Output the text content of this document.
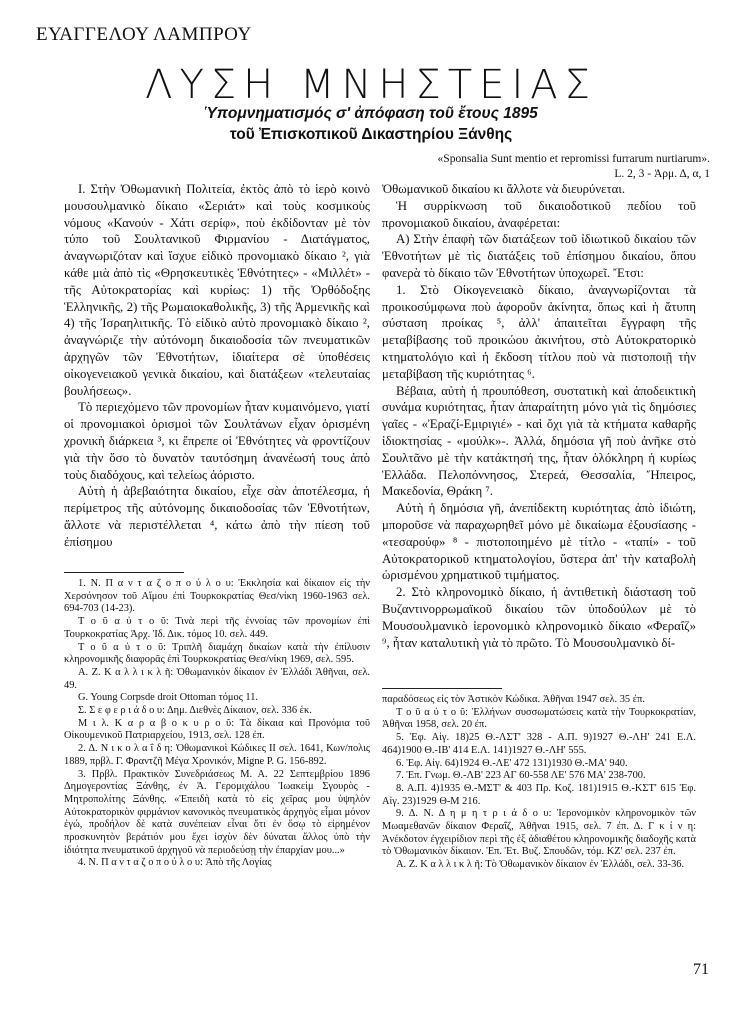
ΕΥΑΓΓΕΛΟΥ ΛΑΜΠΡΟΥ
ΛΥΣΗ ΜΝΗΣΤΕΙΑΣ
Ὑπομνηματισμός σ' ἀπόφαση τοῦ ἔτους 1895
τοῦ Ἐπισκοπικοῦ Δικαστηρίου Ξάνθης
«Sponsalia Sunt mentio et repromissi furrarum nurtiarum».
L. 2, 3 - Ἁρμ. Δ, α, 1

Ι. Στὴν Ὀθωμανικὴ Πολιτεία, ἐκτὸς ἀπὸ τὸ ἱερὸ κοινὸ μουσουλμανικὸ δίκαιο «Σεριάτ» καὶ τοὺς κοσμικοὺς νόμους «Κανούν - Χάτι σερίφ», ποὺ ἐκδίδονταν μὲ τὸν τύπο τοῦ Σουλτανικοῦ Φιρμανίου - Διατάγματος, ἀναγνωριζόταν καὶ ἴσχυε εἰδικὸ προνομιακὸ δίκαιο ², γιὰ κάθε μιὰ ἀπὸ τὶς «Θρησκευτικὲς Ἐθνότητες» - «Μιλλέτ» - τῆς Αὐτοκρατορίας καὶ κυρίως: 1) τῆς Ὀρθόδοξης Ἑλληνικῆς, 2) τῆς Ρωμαιοκαθολικῆς, 3) τῆς Ἀρμενικῆς καὶ 4) τῆς Ἰσραηλιτικῆς. Τὸ εἰδικὸ αὐτὸ προνομιακὸ δίκαιο ², ἀναγνώριζε τὴν αὐτόνομη δικαιοδοσία τῶν πνευματικῶν ἀρχηγῶν τῶν Ἐθνοτήτων, ἰδιαίτερα σὲ ὑποθέσεις οἰκογενειακοῦ γενικὰ δικαίου, καὶ διατάξεων «τελευταίας βουλήσεως».

Τὸ περιεχόμενο τῶν προνομίων ἦταν κυμαινόμενο, γιατί οἱ προνομιακοὶ ὁρισμοὶ τῶν Σουλτάνων εἶχαν ὁρισμένη χρονικὴ διάρκεια ³, κι ἔπρεπε οἱ Ἐθνότητες νὰ φροντίζουν γιὰ τὴν ὅσο τὸ δυνατὸν ταυτόσημη ἀνανέωσή τους ἀπὸ τοὺς διαδόχους, καὶ τελείως ἀόριστο.

Αὐτὴ ἡ ἀβεβαιότητα δικαίου, εἶχε σὰν ἀποτέλεσμα, ἡ περίμετρος τῆς αὐτόνομης δικαιοδοσίας τῶν Ἐθνοτήτων, ἄλλοτε νὰ περιστέλλεται ⁴, κάτω ἀπὸ τὴν πίεση τοῦ ἐπίσημου

Ὀθωμανικοῦ δικαίου κι ἄλλοτε νὰ διευρύνεται.

Ἡ συρρίκνωση τοῦ δικαιοδοτικοῦ πεδίου τοῦ προνομιακοῦ δικαίου, ἀναφέρεται:

Α) Στὴν ἐπαφὴ τῶν διατάξεων τοῦ ἰδιωτικοῦ δικαίου τῶν Ἐθνοτήτων μὲ τὶς διατάξεις τοῦ ἐπίσημου δικαίου, ὅπου φανερὰ τὸ δίκαιο τῶν Ἐθνοτήτων ὑποχωρεῖ. Ἔτσι:

1. Στὸ Οἰκογενειακὸ δίκαιο, ἀναγνωρίζονται τὰ προικοσύμφωνα ποὺ ἀφοροῦν ἀκίνητα, ὅπως καὶ ἡ ἄτυπη σύσταση προίκας ⁵, ἀλλ' ἀπαιτεῖται ἔγγραφη τῆς μεταβίβασης τοῦ προικώου ἀκινήτου, στὸ Αὐτοκρατορικὸ κτηματολόγιο καὶ ἡ ἔκδοση τίτλου ποὺ νὰ πιστοποιῇ τὴν μεταβίβαση τῆς κυριότητας ⁶.

Βέβαια, αὐτὴ ἡ προυπόθεση, συστατικὴ καὶ ἀποδεικτικὴ συνάμα κυριότητας, ἦταν ἀπαραίτητη μόνο γιὰ τὶς δημόσιες γαῖες - «Ἐραζί-Εμιριγιέ» - καὶ ὄχι γιὰ τὰ κτήματα καθαρῆς ἰδιοκτησίας - «μούλκ»-. Ἀλλά, δημόσια γῆ ποὺ ἀνῆκε στὸ Σουλτᾶνο μὲ τὴν κατάκτησή της, ἦταν ὁλόκληρη ἡ κυρίως Ἑλλάδα. Πελοπόννησος, Στερεά, Θεσσαλία, Ἤπειρος, Μακεδονία, Θράκη ⁷.

Αὐτὴ ἡ δημόσια γῆ, ἀνεπίδεκτη κυριότητας ἀπὸ ἰδιώτη, μποροῦσε νὰ παραχωρηθεῖ μόνο μὲ δικαίωμα ἐξουσίασης - «τεσαρούφ» ⁸ - πιστοποιημένο μὲ τίτλο - «ταπί» - τοῦ Αὐτοκρατορικοῦ κτηματολογίου, ὕστερα ἀπ' τὴν καταβολὴ ὡρισμένου χρηματικοῦ τιμήματος.

2. Στὸ κληρονομικὸ δίκαιο, ἡ ἀντιθετικὴ διάσταση τοῦ Βυζαντινορρωμαϊκοῦ δικαίου τῶν ὑποδούλων μὲ τὸ Μουσουλμανικὸ ἱερονομικὸ κληρονομικὸ δίκαιο «Φεραΐζ» ⁹, ἦταν καταλυτικὴ γιὰ τὸ πρῶτο. Τὸ Μουσουλμανικὸ δί-

1. Ν. Π α ν τ α ζ ο π ο ύ λ ο υ: Ἐκκλησία καὶ δίκαιον εἰς τὴν Χερσόνησον τοῦ Αἵμου ἐπὶ Τουρκοκρατίας Θεσ/νίκη 1960-1963 σελ. 694-703 (14-23).

Τ ο ῦ α ὐ τ ο ῦ: Τινὰ περὶ τῆς ἐννοίας τῶν προνομίων ἐπὶ Τουρκοκρατίας Ἀρχ. Ἰδ. Δικ. τόμος 10. σελ. 449.

Τ ο ῦ α ὐ τ ο ῦ: Τριπλῆ διαμάχη δικαίων κατὰ τὴν ἐπίλυσιν κληρονομικῆς διαφορᾶς ἐπὶ Τουρκοκρατίας Θεσ/νίκη 1969, σελ. 595.

Α. Ζ. Κ α λ λ ι κ λ ῆ: Ὀθωμανικὸν δίκαιον ἐν Ἑλλάδι Ἀθῆναι, σελ. 49.

G. Young Corpsde droit Ottoman τόμος 11.

Σ. Σ ε φ ε ρ ι ά δ ο υ: Δημ. Διεθνὲς Δίκαιον, σελ. 336 ἑκ.

Μ ι λ. Κ α ρ α β ο κ υ ρ ο ῦ: Τὰ δίκαια καὶ Προνόμια τοῦ Οἰκουμενικοῦ Πατριαρχείου, 1913, σελ. 128 ἐπ.

2. Δ. Ν ι κ ο λ α ΐ δ η: Ὀθωμανικοὶ Κώδικες ΙΙ σελ. 1641, Κων/πολις 1889, πρβλ. Γ. Φραντζῆ Μέγα Χρονικόν, Migne P. G. 156-892.

3. Πρβλ. Πρακτικὸν Συνεδριάσεως Μ. Α. 22 Σεπτεμβρίου 1896 Δημογεροντίας Ξάνθης, ἐν Ἀ. Γερομιχάλου Ἰωακεὶμ Σγουρὸς - Μητροπολίτης Ξάνθης. «Ἐπειδὴ κατὰ τὸ εἰς χεῖρας μου ὑψηλὸν Αὐτοκρατορικὸν φιρμάνιον κανονικὸς πνευματικὸς ἀρχηγὸς εἶμαι μόνον ἐγώ, προδήλον δὲ κατὰ συνέπειαν εἶναι ὅτι ἐν ὅσῳ τὸ εἰρημένον προσκυνητὸν βεράτιόν μου ἔχει ἰσχὺν δὲν δύναται ἄλλος ὑπὸ τὴν ἰδιότητα πνευματικοῦ ἀρχηγοῦ νὰ περιοδεύσῃ τὴν ἐπαρχίαν μου...»

4. Ν. Π α ν τ α ζ ο π ο ύ λ ο υ: Ἀπὸ τῆς Λογίας

παραδόσεως εἰς τὸν Ἀστικὸν Κώδικα. Ἀθῆναι 1947 σελ. 35 ἐπ.

Τ ο ῦ α ὐ τ ο ῦ: Ἑλλήνων συσσωματώσεις κατὰ τὴν Τουρκοκρατίαν, Ἀθῆναι 1958, σελ. 20 ἐπ.

5. Ἐφ. Αἰγ. 18)25 Θ.-ΛΣΤ' 328 - Α.Π. 9)1927 Θ.-ΛΗ' 241 Ε.Λ. 464)1900 Θ.-ΙΒ' 414 Ε.Λ. 141)1927 Θ.-ΛΗ' 555.

6. Ἐφ. Αἰγ. 64)1924 Θ.-ΛΕ' 472 131)1930 Θ.-ΜΑ' 940.

7. Ἐπ. Γνωμ. Θ.-ΛΒ' 223 ΑΓ 60-558 ΛΕ' 576 ΜΑ' 238-700.

8. Α.Π. 4)1935 Θ.-ΜΣΤ' & 403 Πρ. Κοζ. 181)1915 Θ.-ΚΣΤ' 615 Ἐφ. Αἰγ. 23)1929 Θ-Μ 216.

9. Δ. Ν. Δ η μ η τ ρ ι ά δ ο υ: Ἱερονομικὸν κληρονομικὸν τῶν Μωαμεθανῶν δίκαιον Φεραΐζ, Ἀθῆναι 1915, σελ. 7 ἐπ. Δ. Γ κ ί ν η: Ἀνέκδοτον ἐγχειρίδιον περὶ τῆς ἐξ ἀδιαθέτου κληρονομικῆς διαδοχῆς κατὰ τὸ Ὀθωμανικὸν δίκαιον. Ἐπ. Ἑτ. Βυζ. Σπουδῶν, τόμ. ΚΖ' σελ. 237 ἐπ.

Α. Ζ. Κ α λ λ ι κ λ ῆ: Τὸ Ὀθωμανικὸν δίκαιον ἐν Ἑλλάδι, σελ. 33-36.

71
